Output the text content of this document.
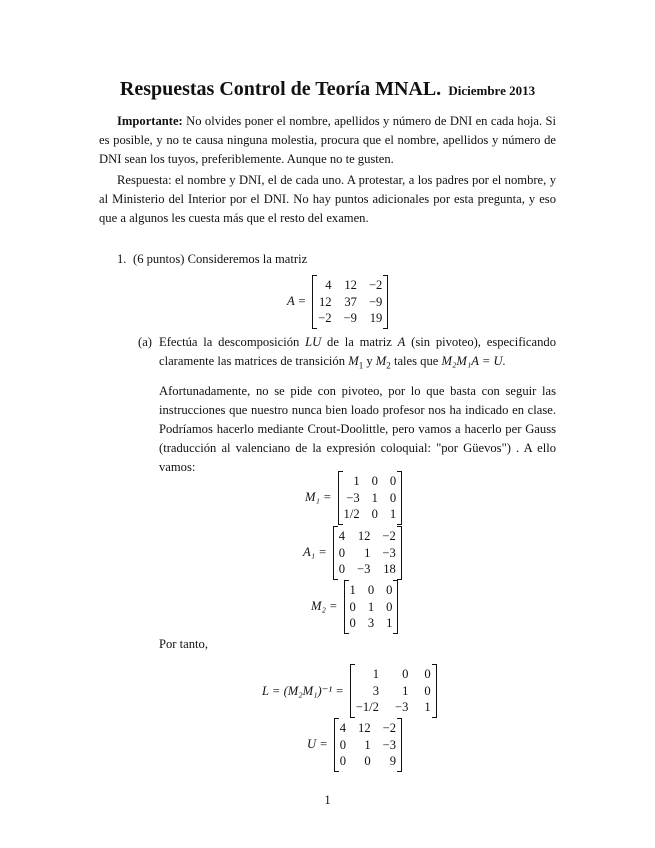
Respuestas Control de Teoría MNAL. Diciembre 2013

Importante: No olvides poner el nombre, apellidos y número de DNI en cada hoja. Si es posible, y no te causa ninguna molestia, procura que el nombre, apellidos y número de DNI sean los tuyos, preferiblemente. Aunque no te gusten.

Respuesta: el nombre y DNI, el de cada uno. A protestar, a los padres por el nombre, y al Ministerio del Interior por el DNI. No hay puntos adicionales por esta pregunta, y eso que a algunos les cuesta más que el resto del examen.

1. (6 puntos) Consideremos la matriz
A =
4 12 −2
12 37 −9
−2 −9 19
(a) Efectúa la descomposición LU de la matriz A (sin pivoteo), especificando claramente las matrices de transición $M_1$ y $M_2$ tales que M₂M₁A = U.

Afortunadamente, no se pide con pivoteo, por lo que basta con seguir las instrucciones que nuestro nunca bien loado profesor nos ha indicado en clase. Podríamos hacerlo mediante Crout-Doolittle, pero vamos a hacerlo per Gauss (traducción al valenciano de la expresión coloquial: "por Güevos") . A ello vamos:

M₁ =
1 0 0
−3 1 0
1/2 0 1
A₁ =
4 12 −2
0	1 −3
0 −3 18
M₂ =
1 0 0
0 1 0
0 3 1
Por tanto,
L = (M₂M₁)⁻¹ =
1	0 0
3	1 0
−1/2 −3 1
U =
4 12 −2
0	1 −3
0	0	9
1
